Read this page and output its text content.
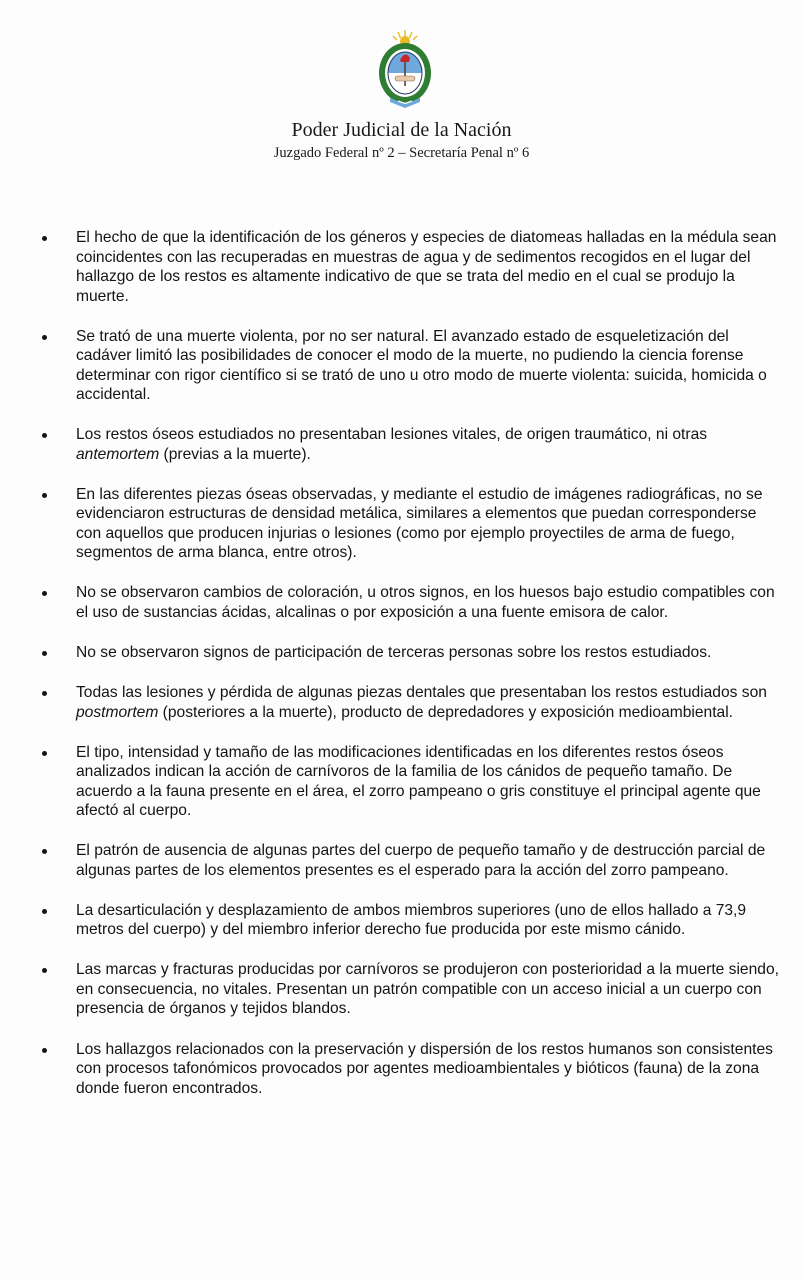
Poder Judicial de la Nación
Juzgado Federal nº 2 – Secretaría Penal nº 6
El hecho de que la identificación de los géneros y especies de diatomeas halladas en la médula sean coincidentes con las recuperadas en muestras de agua y de sedimentos recogidos en el lugar del hallazgo de los restos es altamente indicativo de que se trata del medio en el cual se produjo la muerte.
Se trató de una muerte violenta, por no ser natural. El avanzado estado de esqueletización del cadáver limitó las posibilidades de conocer el modo de la muerte, no pudiendo la ciencia forense determinar con rigor científico si se trató de uno u otro modo de muerte violenta: suicida, homicida o accidental.
Los restos óseos estudiados no presentaban lesiones vitales, de origen traumático, ni otras antemortem (previas a la muerte).
En las diferentes piezas óseas observadas, y mediante el estudio de imágenes radiográficas, no se evidenciaron estructuras de densidad metálica, similares a elementos que puedan corresponderse con aquellos que producen injurias o lesiones (como por ejemplo proyectiles de arma de fuego, segmentos de arma blanca, entre otros).
No se observaron cambios de coloración, u otros signos, en los huesos bajo estudio compatibles con el uso de sustancias ácidas, alcalinas o por exposición a una fuente emisora de calor.
No se observaron signos de participación de terceras personas sobre los restos estudiados.
Todas las lesiones y pérdida de algunas piezas dentales que presentaban los restos estudiados son postmortem (posteriores a la muerte), producto de depredadores y exposición medioambiental.
El tipo, intensidad y tamaño de las modificaciones identificadas en los diferentes restos óseos analizados indican la acción de carnívoros de la familia de los cánidos de pequeño tamaño. De acuerdo a la fauna presente en el área, el zorro pampeano o gris constituye el principal agente que afectó al cuerpo.
El patrón de ausencia de algunas partes del cuerpo de pequeño tamaño y de destrucción parcial de algunas partes de los elementos presentes es el esperado para la acción del zorro pampeano.
La desarticulación y desplazamiento de ambos miembros superiores (uno de ellos hallado a 73,9 metros del cuerpo) y del miembro inferior derecho fue producida por este mismo cánido.
Las marcas y fracturas producidas por carnívoros se produjeron con posterioridad a la muerte siendo, en consecuencia, no vitales. Presentan un patrón compatible con un acceso inicial a un cuerpo con presencia de órganos y tejidos blandos.
Los hallazgos relacionados con la preservación y dispersión de los restos humanos son consistentes con procesos tafonómicos provocados por agentes medioambientales y bióticos (fauna) de la zona donde fueron encontrados.
